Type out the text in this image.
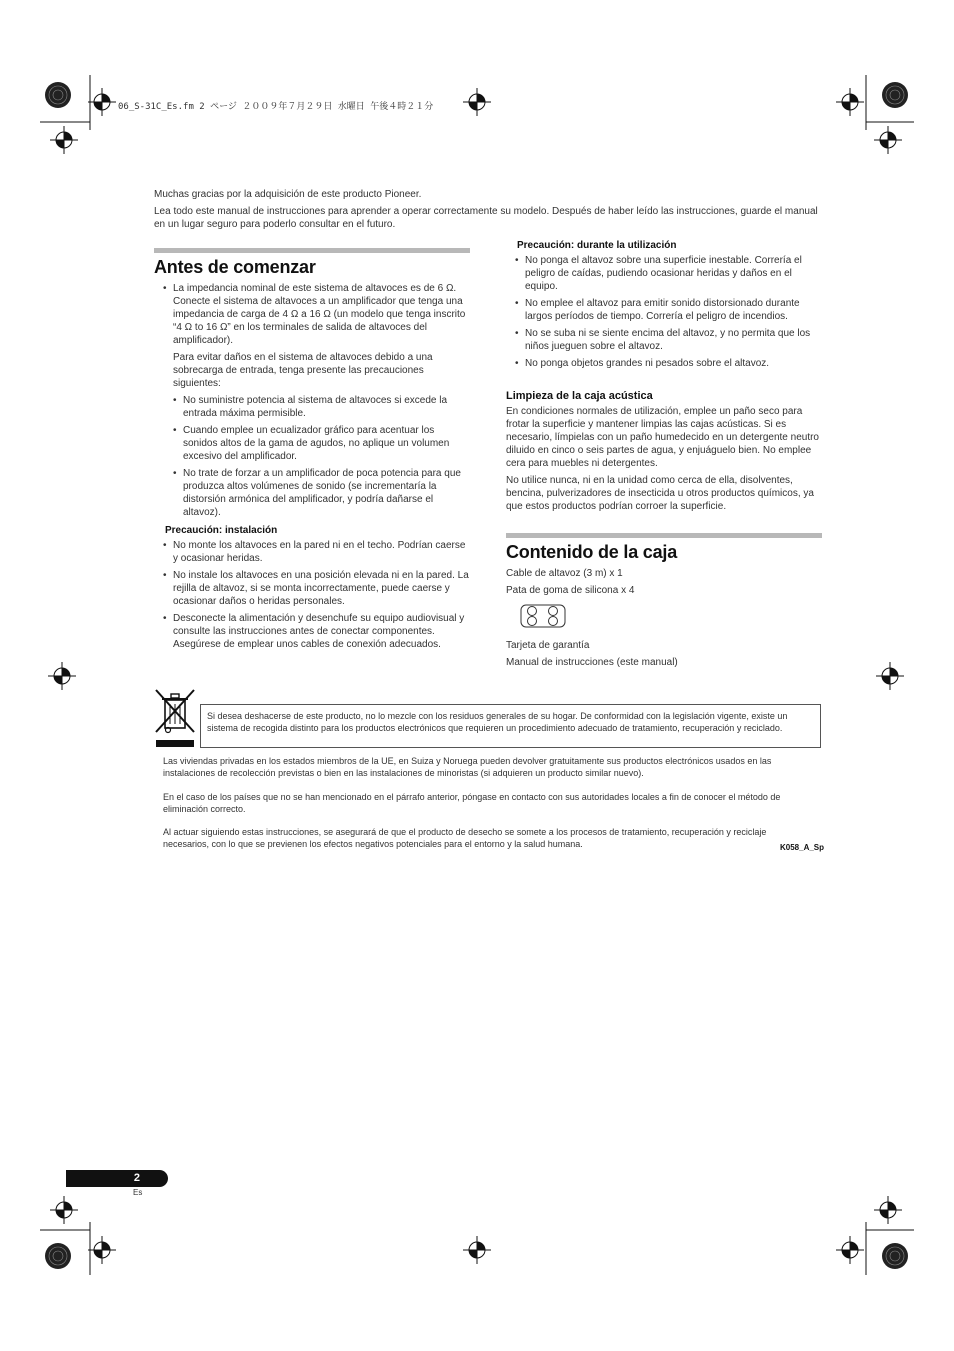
06_S-31C_Es.fm 2 ページ ２００９年７月２９日 水曜日 午後４時２１分

Muchas gracias por la adquisición de este producto Pioneer.

Lea todo este manual de instrucciones para aprender a operar correctamente su modelo. Después de haber leído las instrucciones, guarde el manual en un lugar seguro para poderlo consultar en el futuro.

Antes de comenzar

• La impedancia nominal de este sistema de altavoces es de 6 Ω. Conecte el sistema de altavoces a un amplificador que tenga una impedancia de carga de 4 Ω a 16 Ω (un modelo que tenga inscrito “4 Ω to 16 Ω” en los terminales de salida de altavoces del amplificador).

Para evitar daños en el sistema de altavoces debido a una sobrecarga de entrada, tenga presente las precauciones siguientes:

• No suministre potencia al sistema de altavoces si excede la entrada máxima permisible.
• Cuando emplee un ecualizador gráfico para acentuar los sonidos altos de la gama de agudos, no aplique un volumen excesivo del amplificador.
• No trate de forzar a un amplificador de poca potencia para que produzca altos volúmenes de sonido (se incrementaría la distorsión armónica del amplificador, y podría dañarse el altavoz).
Precaución: instalación
• No monte los altavoces en la pared ni en el techo. Podrían caerse y ocasionar heridas.
• No instale los altavoces en una posición elevada ni en la pared. La rejilla de altavoz, si se monta incorrectamente, puede caerse y ocasionar daños o heridas personales.
• Desconecte la alimentación y desenchufe su equipo audiovisual y consulte las instrucciones antes de conectar componentes. Asegúrese de emplear unos cables de conexión adecuados.
Precaución: durante la utilización
• No ponga el altavoz sobre una superficie inestable. Correría el peligro de caídas, pudiendo ocasionar heridas y daños en el equipo.
• No emplee el altavoz para emitir sonido distorsionado durante largos períodos de tiempo. Correría el peligro de incendios.
• No se suba ni se siente encima del altavoz, y no permita que los niños jueguen sobre el altavoz.
• No ponga objetos grandes ni pesados sobre el altavoz.
Limpieza de la caja acústica

En condiciones normales de utilización, emplee un paño seco para frotar la superficie y mantener limpias las cajas acústicas. Si es necesario, límpielas con un paño humedecido en un detergente neutro diluido en cinco o seis partes de agua, y enjuáguelo bien. No emplee cera para muebles ni detergentes.

No utilice nunca, ni en la unidad como cerca de ella, disolventes, bencina, pulverizadores de insecticida u otros productos químicos, ya que estos productos podrían corroer la superficie.

Contenido de la caja

Cable de altavoz (3 m) x 1

Pata de goma de silicona x 4

Tarjeta de garantía

Manual de instrucciones (este manual)

Si desea deshacerse de este producto, no lo mezcle con los residuos generales de su hogar. De conformidad con la legislación vigente, existe un sistema de recogida distinto para los productos electrónicos que requieren un procedimiento adecuado de tratamiento, recuperación y reciclado.
Las viviendas privadas en los estados miembros de la UE, en Suiza y Noruega pueden devolver gratuitamente sus productos electrónicos usados en las instalaciones de recolección previstas o bien en las instalaciones de minoristas (si adquieren un producto similar nuevo).
En el caso de los países que no se han mencionado en el párrafo anterior, póngase en contacto con sus autoridades locales a fin de conocer el método de eliminación correcto.
Al actuar siguiendo estas instrucciones, se asegurará de que el producto de desecho se somete a los procesos de tratamiento, recuperación y reciclaje necesarios, con lo que se previenen los efectos negativos potenciales para el entorno y la salud humana.	K058_A_Sp
2
Es
